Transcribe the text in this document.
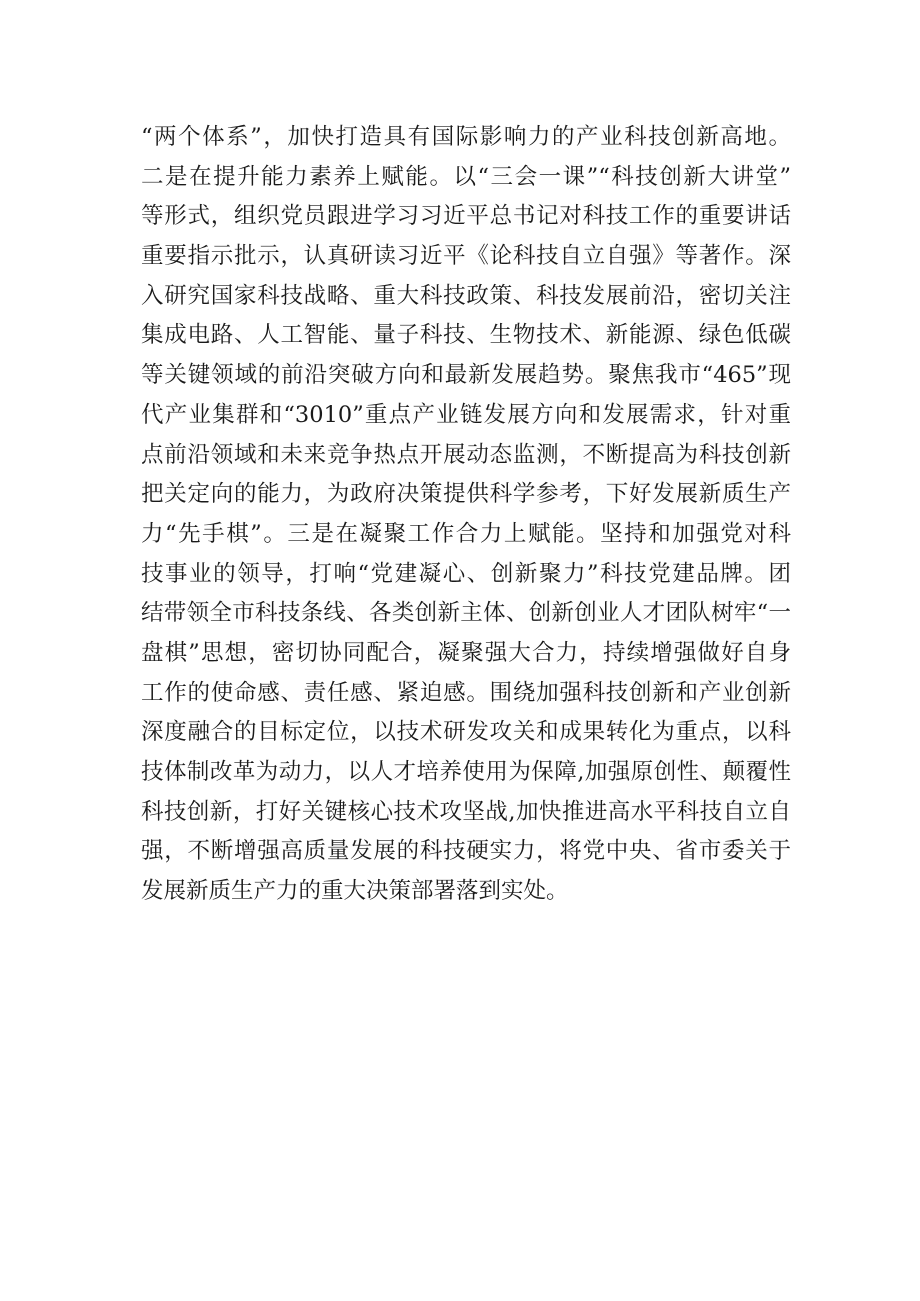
“两个体系”，加快打造具有国际影响力的产业科技创新高地。
二是在提升能力素养上赋能。以“三会一课”“科技创新大讲堂”
等形式，组织党员跟进学习习近平总书记对科技工作的重要讲话
重要指示批示，认真研读习近平《论科技自立自强》等著作。深
入研究国家科技战略、重大科技政策、科技发展前沿，密切关注
集成电路、人工智能、量子科技、生物技术、新能源、绿色低碳
等关键领域的前沿突破方向和最新发展趋势。聚焦我市“465”现
代产业集群和“3010”重点产业链发展方向和发展需求，针对重
点前沿领域和未来竞争热点开展动态监测，不断提高为科技创新
把关定向的能力，为政府决策提供科学参考，下好发展新质生产
力“先手棋”。三是在凝聚工作合力上赋能。坚持和加强党对科
技事业的领导，打响“党建凝心、创新聚力”科技党建品牌。团
结带领全市科技条线、各类创新主体、创新创业人才团队树牢“一
盘棋”思想，密切协同配合，凝聚强大合力，持续增强做好自身
工作的使命感、责任感、紧迫感。围绕加强科技创新和产业创新
深度融合的目标定位，以技术研发攻关和成果转化为重点，以科
技体制改革为动力，以人才培养使用为保障,加强原创性、颠覆性
科技创新，打好关键核心技术攻坚战,加快推进高水平科技自立自
强，不断增强高质量发展的科技硬实力，将党中央、省市委关于
发展新质生产力的重大决策部署落到实处。
